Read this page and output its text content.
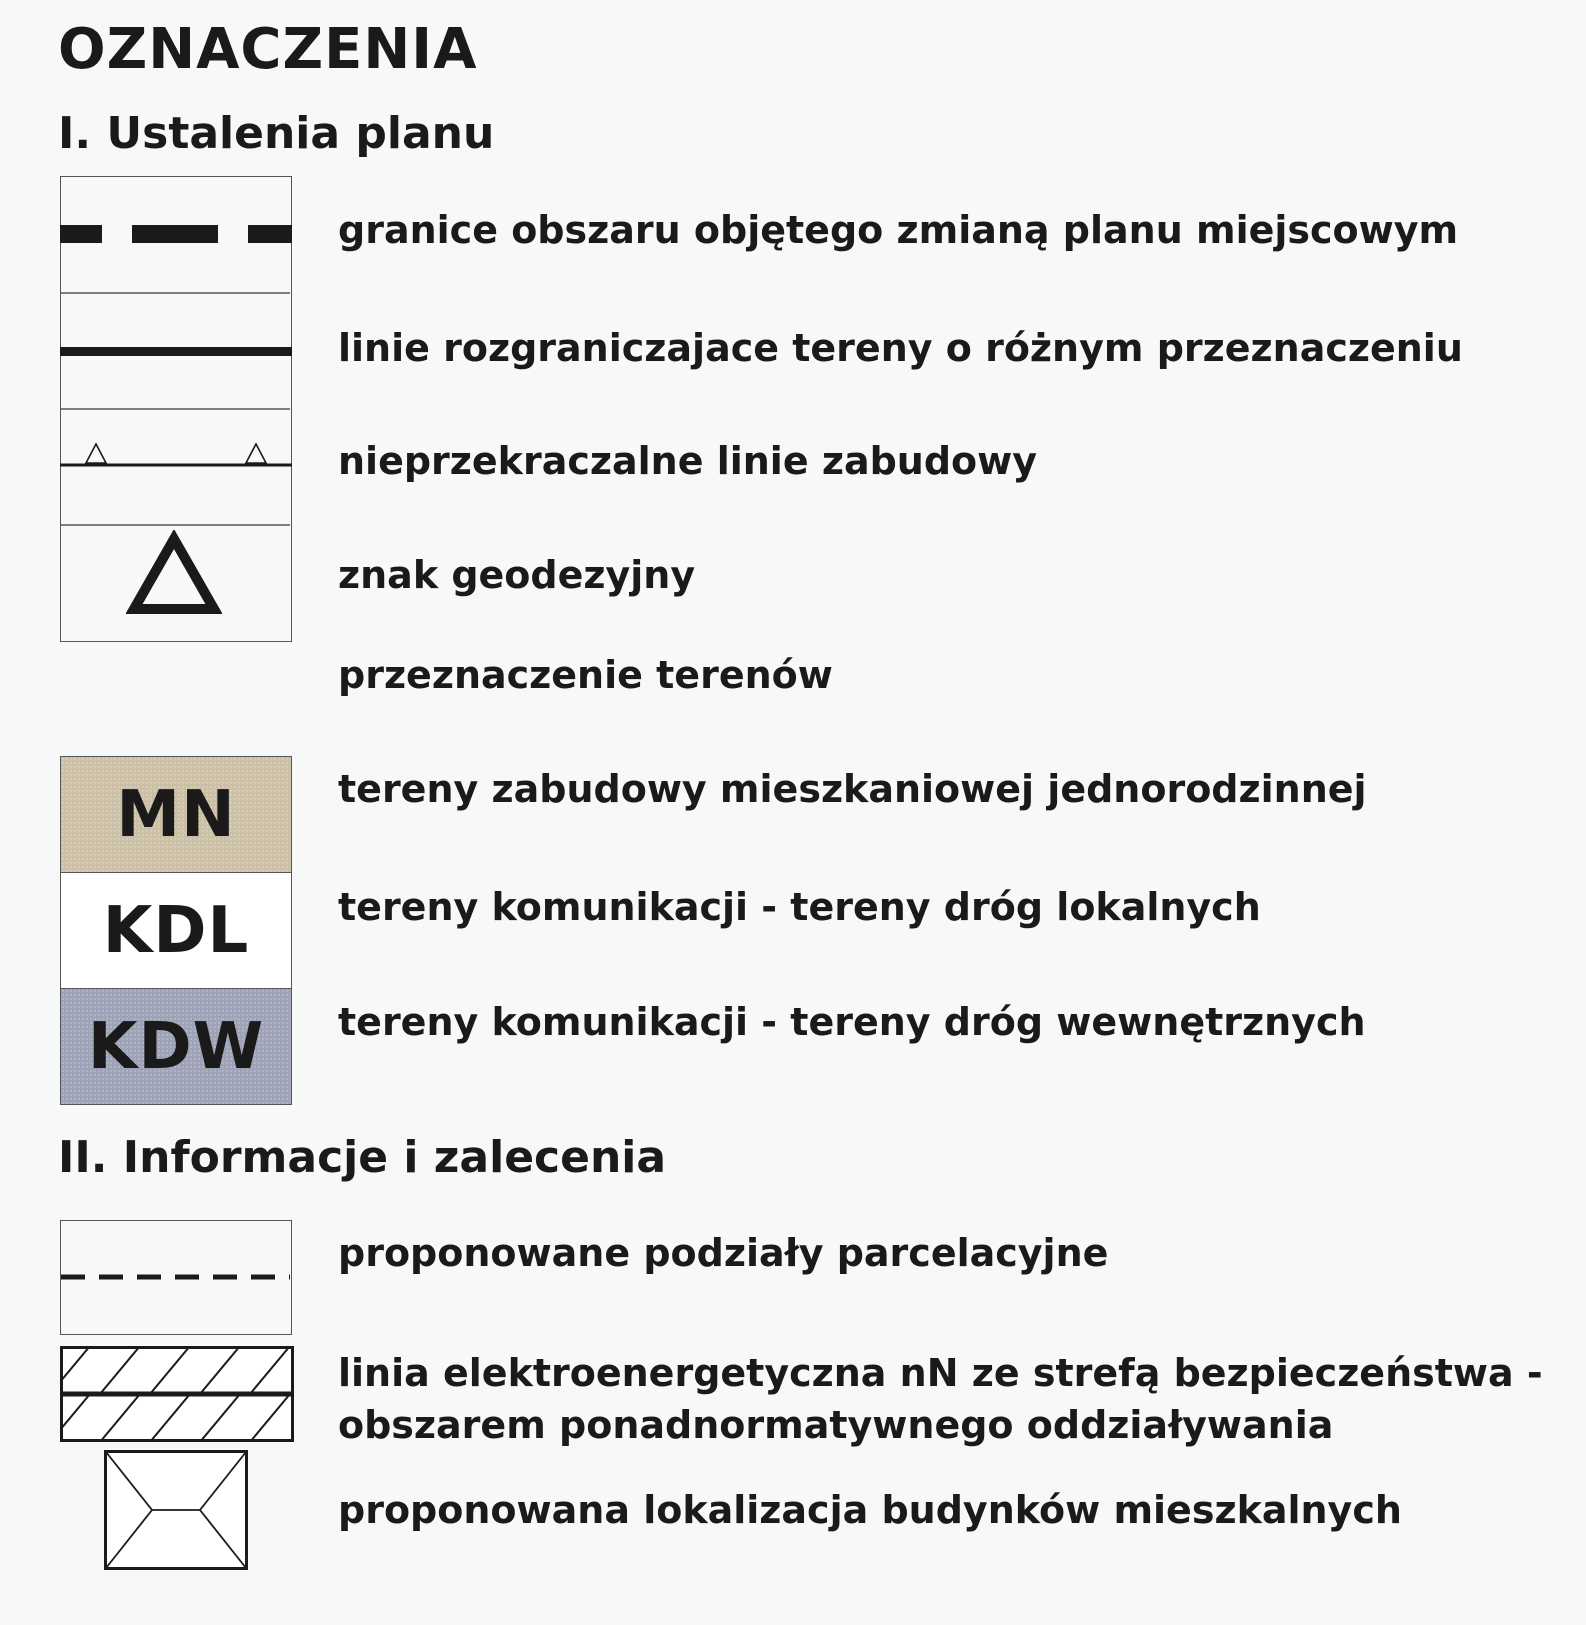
OZNACZENIA
I. Ustalenia planu
granice obszaru objętego zmianą planu miejscowym
linie rozgraniczajace tereny o różnym przeznaczeniu
nieprzekraczalne linie zabudowy
znak geodezyjny
przeznaczenie terenów
MN
KDL
KDW
tereny zabudowy mieszkaniowej jednorodzinnej
tereny komunikacji - tereny dróg lokalnych
tereny komunikacji - tereny dróg wewnętrznych
II. Informacje i zalecenia
proponowane podziały parcelacyjne
linia elektroenergetyczna nN ze strefą bezpieczeństwa -
obszarem ponadnormatywnego oddziaływania
proponowana lokalizacja budynków mieszkalnych
